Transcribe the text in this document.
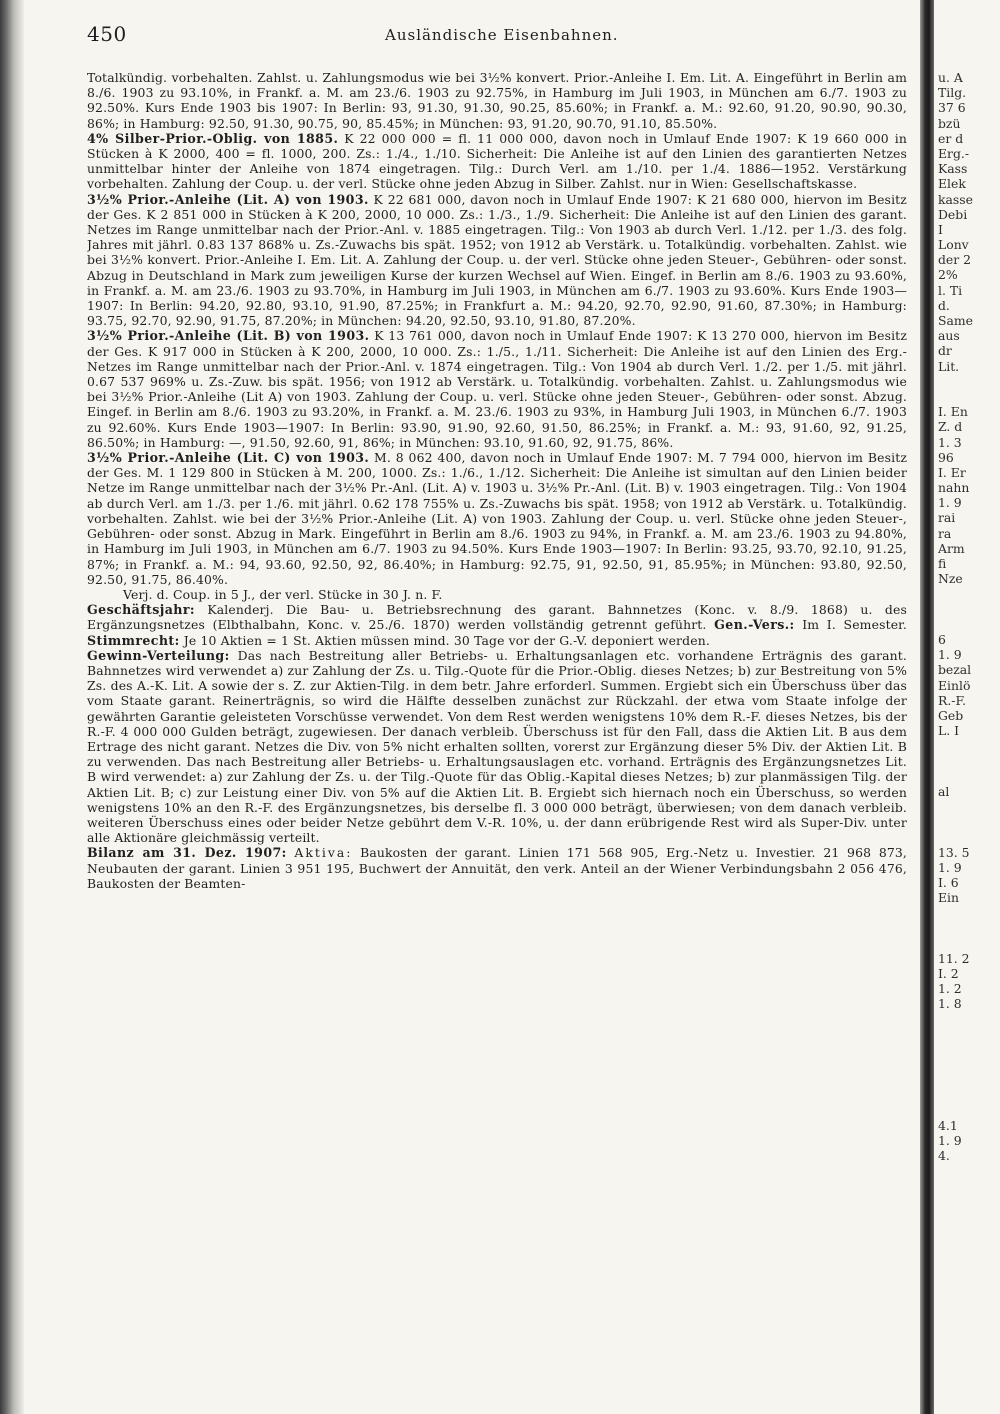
450	Ausländische Eisenbahnen.

Totalkündig. vorbehalten. Zahlst. u. Zahlungsmodus wie bei 3½% konvert. Prior.-Anleihe I. Em. Lit. A. Eingeführt in Berlin am 8./6. 1903 zu 93.10%, in Frankf. a. M. am 23./6. 1903 zu 92.75%, in Hamburg im Juli 1903, in München am 6./7. 1903 zu 92.50%. Kurs Ende 1903 bis 1907: In Berlin: 93, 91.30, 91.30, 90.25, 85.60%; in Frankf. a. M.: 92.60, 91.20, 90.90, 90.30, 86%; in Hamburg: 92.50, 91.30, 90.75, 90, 85.45%; in München: 93, 91.20, 90.70, 91.10, 85.50%.

4% Silber-Prior.-Oblig. von 1885. K 22 000 000 = fl. 11 000 000, davon noch in Umlauf Ende 1907: K 19 660 000 in Stücken à K 2000, 400 = fl. 1000, 200. Zs.: 1./4., 1./10. Sicherheit: Die Anleihe ist auf den Linien des garantierten Netzes unmittelbar hinter der Anleihe von 1874 eingetragen. Tilg.: Durch Verl. am 1./10. per 1./4. 1886—1952. Verstärkung vorbehalten. Zahlung der Coup. u. der verl. Stücke ohne jeden Abzug in Silber. Zahlst. nur in Wien: Gesellschaftskasse.

3½% Prior.-Anleihe (Lit. A) von 1903. K 22 681 000, davon noch in Umlauf Ende 1907: K 21 680 000, hiervon im Besitz der Ges. K 2 851 000 in Stücken à K 200, 2000, 10 000. Zs.: 1./3., 1./9. Sicherheit: Die Anleihe ist auf den Linien des garant. Netzes im Range unmittelbar nach der Prior.-Anl. v. 1885 eingetragen. Tilg.: Von 1903 ab durch Verl. 1./12. per 1./3. des folg. Jahres mit jährl. 0.83 137 868% u. Zs.-Zuwachs bis spät. 1952; von 1912 ab Verstärk. u. Totalkündig. vorbehalten. Zahlst. wie bei 3½% konvert. Prior.-Anleihe I. Em. Lit. A. Zahlung der Coup. u. der verl. Stücke ohne jeden Steuer-, Gebühren- oder sonst. Abzug in Deutschland in Mark zum jeweiligen Kurse der kurzen Wechsel auf Wien. Eingef. in Berlin am 8./6. 1903 zu 93.60%, in Frankf. a. M. am 23./6. 1903 zu 93.70%, in Hamburg im Juli 1903, in München am 6./7. 1903 zu 93.60%. Kurs Ende 1903—1907: In Berlin: 94.20, 92.80, 93.10, 91.90, 87.25%; in Frankfurt a. M.: 94.20, 92.70, 92.90, 91.60, 87.30%; in Hamburg: 93.75, 92.70, 92.90, 91.75, 87.20%; in München: 94.20, 92.50, 93.10, 91.80, 87.20%.

3½% Prior.-Anleihe (Lit. B) von 1903. K 13 761 000, davon noch in Umlauf Ende 1907: K 13 270 000, hiervon im Besitz der Ges. K 917 000 in Stücken à K 200, 2000, 10 000. Zs.: 1./5., 1./11. Sicherheit: Die Anleihe ist auf den Linien des Erg.-Netzes im Range unmittelbar nach der Prior.-Anl. v. 1874 eingetragen. Tilg.: Von 1904 ab durch Verl. 1./2. per 1./5. mit jährl. 0.67 537 969% u. Zs.-Zuw. bis spät. 1956; von 1912 ab Verstärk. u. Totalkündig. vorbehalten. Zahlst. u. Zahlungsmodus wie bei 3½% Prior.-Anleihe (Lit A) von 1903. Zahlung der Coup. u. verl. Stücke ohne jeden Steuer-, Gebühren- oder sonst. Abzug. Eingef. in Berlin am 8./6. 1903 zu 93.20%, in Frankf. a. M. 23./6. 1903 zu 93%, in Hamburg Juli 1903, in München 6./7. 1903 zu 92.60%. Kurs Ende 1903—1907: In Berlin: 93.90, 91.90, 92.60, 91.50, 86.25%; in Frankf. a. M.: 93, 91.60, 92, 91.25, 86.50%; in Hamburg: —, 91.50, 92.60, 91, 86%; in München: 93.10, 91.60, 92, 91.75, 86%.

3½% Prior.-Anleihe (Lit. C) von 1903. M. 8 062 400, davon noch in Umlauf Ende 1907: M. 7 794 000, hiervon im Besitz der Ges. M. 1 129 800 in Stücken à M. 200, 1000. Zs.: 1./6., 1./12. Sicherheit: Die Anleihe ist simultan auf den Linien beider Netze im Range unmittelbar nach der 3½% Pr.-Anl. (Lit. A) v. 1903 u. 3½% Pr.-Anl. (Lit. B) v. 1903 eingetragen. Tilg.: Von 1904 ab durch Verl. am 1./3. per 1./6. mit jährl. 0.62 178 755% u. Zs.-Zuwachs bis spät. 1958; von 1912 ab Verstärk. u. Totalkündig. vorbehalten. Zahlst. wie bei der 3½% Prior.-Anleihe (Lit. A) von 1903. Zahlung der Coup. u. verl. Stücke ohne jeden Steuer-, Gebühren- oder sonst. Abzug in Mark. Eingeführt in Berlin am 8./6. 1903 zu 94%, in Frankf. a. M. am 23./6. 1903 zu 94.80%, in Hamburg im Juli 1903, in München am 6./7. 1903 zu 94.50%. Kurs Ende 1903—1907: In Berlin: 93.25, 93.70, 92.10, 91.25, 87%; in Frankf. a. M.: 94, 93.60, 92.50, 92, 86.40%; in Hamburg: 92.75, 91, 92.50, 91, 85.95%; in München: 93.80, 92.50, 92.50, 91.75, 86.40%.

Verj. d. Coup. in 5 J., der verl. Stücke in 30 J. n. F.

Geschäftsjahr: Kalenderj. Die Bau- u. Betriebsrechnung des garant. Bahnnetzes (Konc. v. 8./9. 1868) u. des Ergänzungsnetzes (Elbthalbahn, Konc. v. 25./6. 1870) werden vollständig getrennt geführt. Gen.-Vers.: Im I. Semester. Stimmrecht: Je 10 Aktien = 1 St. Aktien müssen mind. 30 Tage vor der G.-V. deponiert werden.

Gewinn-Verteilung: Das nach Bestreitung aller Betriebs- u. Erhaltungsanlagen etc. vorhandene Erträgnis des garant. Bahnnetzes wird verwendet a) zur Zahlung der Zs. u. Tilg.-Quote für die Prior.-Oblig. dieses Netzes; b) zur Bestreitung von 5% Zs. des A.-K. Lit. A sowie der s. Z. zur Aktien-Tilg. in dem betr. Jahre erforderl. Summen. Ergiebt sich ein Überschuss über das vom Staate garant. Reinerträgnis, so wird die Hälfte desselben zunächst zur Rückzahl. der etwa vom Staate infolge der gewährten Garantie geleisteten Vorschüsse verwendet. Von dem Rest werden wenigstens 10% dem R.-F. dieses Netzes, bis der R.-F. 4 000 000 Gulden beträgt, zugewiesen. Der danach verbleib. Überschuss ist für den Fall, dass die Aktien Lit. B aus dem Ertrage des nicht garant. Netzes die Div. von 5% nicht erhalten sollten, vorerst zur Ergänzung dieser 5% Div. der Aktien Lit. B zu verwenden. Das nach Bestreitung aller Betriebs- u. Erhaltungsauslagen etc. vorhand. Erträgnis des Ergänzungsnetzes Lit. B wird verwendet: a) zur Zahlung der Zs. u. der Tilg.-Quote für das Oblig.-Kapital dieses Netzes; b) zur planmässigen Tilg. der Aktien Lit. B; c) zur Leistung einer Div. von 5% auf die Aktien Lit. B. Ergiebt sich hiernach noch ein Überschuss, so werden wenigstens 10% an den R.-F. des Ergänzungsnetzes, bis derselbe fl. 3 000 000 beträgt, überwiesen; von dem danach verbleib. weiteren Überschuss eines oder beider Netze gebührt dem V.-R. 10%, u. der dann erübrigende Rest wird als Super-Div. unter alle Aktionäre gleichmässig verteilt.

Bilanz am 31. Dez. 1907: Aktiva: Baukosten der garant. Linien 171 568 905, Erg.-Netz u. Investier. 21 968 873, Neubauten der garant. Linien 3 951 195, Buchwert der Annuität, den verk. Anteil an der Wiener Verbindungsbahn 2 056 476, Baukosten der Beamten-

u. A
Tilg.
37 6
bzü
er d
Erg.-
Kass
Elek
kasse
Debi
I
Lonv
der 2
2%
l. Ti
d.
Same
aus
dr
Lit.
I. En
Z. d
1. 3
96
I. Er
nahn
1. 9
rai
ra
Arm
fi
Nze
6
1. 9
bezal
Einlö
R.-F.
Geb
L. I
al
13. 5
1. 9
I. 6
Ein
11. 2
I. 2
1. 2
1. 8
4.1
1. 9
4.
